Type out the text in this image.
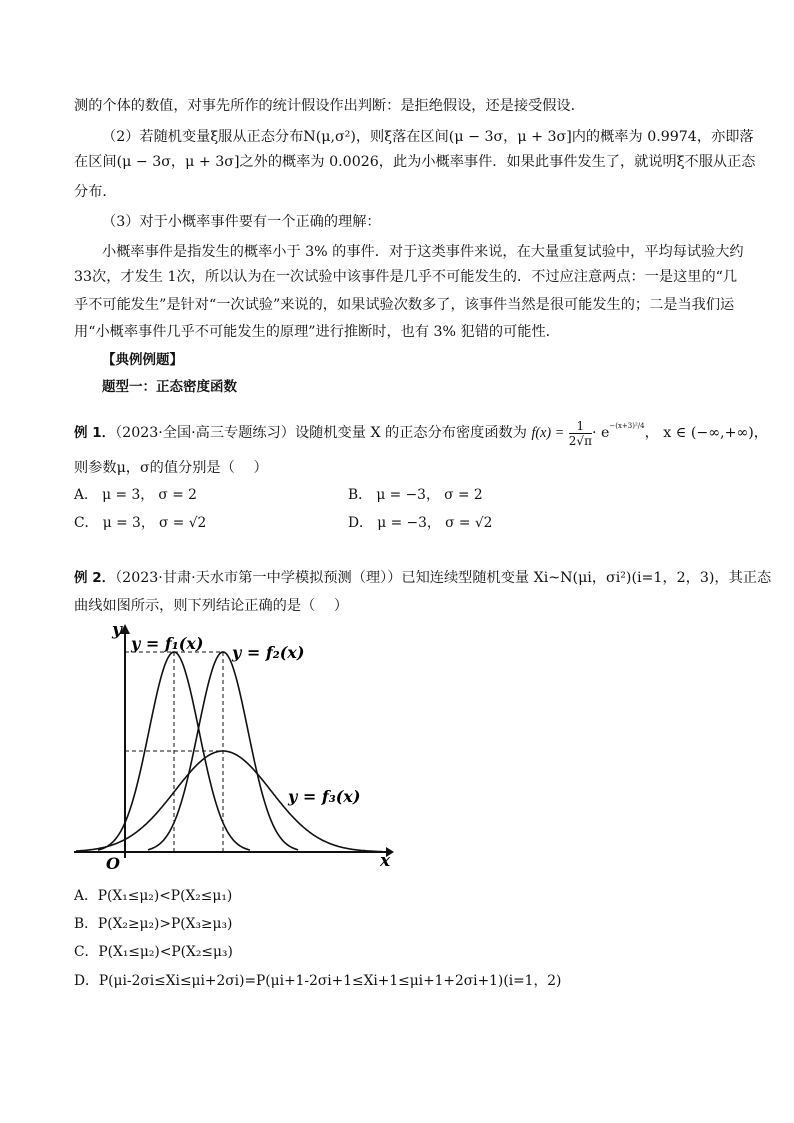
测的个体的数值，对事先所作的统计假设作出判断：是拒绝假设，还是接受假设．
（2）若随机变量ξ服从正态分布N(μ,σ²)，则ξ落在区间(μ − 3σ，μ + 3σ]内的概率为 0.9974，亦即落
在区间(μ − 3σ，μ + 3σ]之外的概率为 0.0026，此为小概率事件．如果此事件发生了，就说明ξ不服从正态
分布．
（3）对于小概率事件要有一个正确的理解：
小概率事件是指发生的概率小于 3% 的事件．对于这类事件来说，在大量重复试验中，平均每试验大约
33次，才发生 1次，所以认为在一次试验中该事件是几乎不可能发生的．不过应注意两点：一是这里的“几
乎不可能发生”是针对“一次试验”来说的，如果试验次数多了，该事件当然是很可能发生的；二是当我们运
用“小概率事件几乎不可能发生的原理”进行推断时，也有 3% 犯错的可能性．
【典例例题】
题型一：正态密度函数
例 1．（2023·全国·高三专题练习）设随机变量 X 的正态分布密度函数为 $f(x) = \frac{1}{2√\pi} \cdot e^{-(x+3)^2/4}$， x ∈ (−∞,+∞)，
则参数μ，σ的值分别是（　 ）
A． μ = 3， σ = 2	B． μ = −3， σ = 2
C． μ = 3， σ = √2	D． μ = −3， σ = √2
例 2．（2023·甘肃·天水市第一中学模拟预测（理））已知连续型随机变量 Xi~N(μi，σi²)(i=1，2，3)，其正态
曲线如图所示，则下列结论正确的是（　 ）
y
x
O
y = f₁(x) y = f₂(x)
y = f₃(x)
A．P(X₁≤μ₂)<P(X₂≤μ₁)
B．P(X₂≥μ₂)>P(X₃≥μ₃)
C．P(X₁≤μ₂)<P(X₂≤μ₃)
D．P(μi-2σi≤Xi≤μi+2σi)=P(μi+1-2σi+1≤Xi+1≤μi+1+2σi+1)(i=1，2)
